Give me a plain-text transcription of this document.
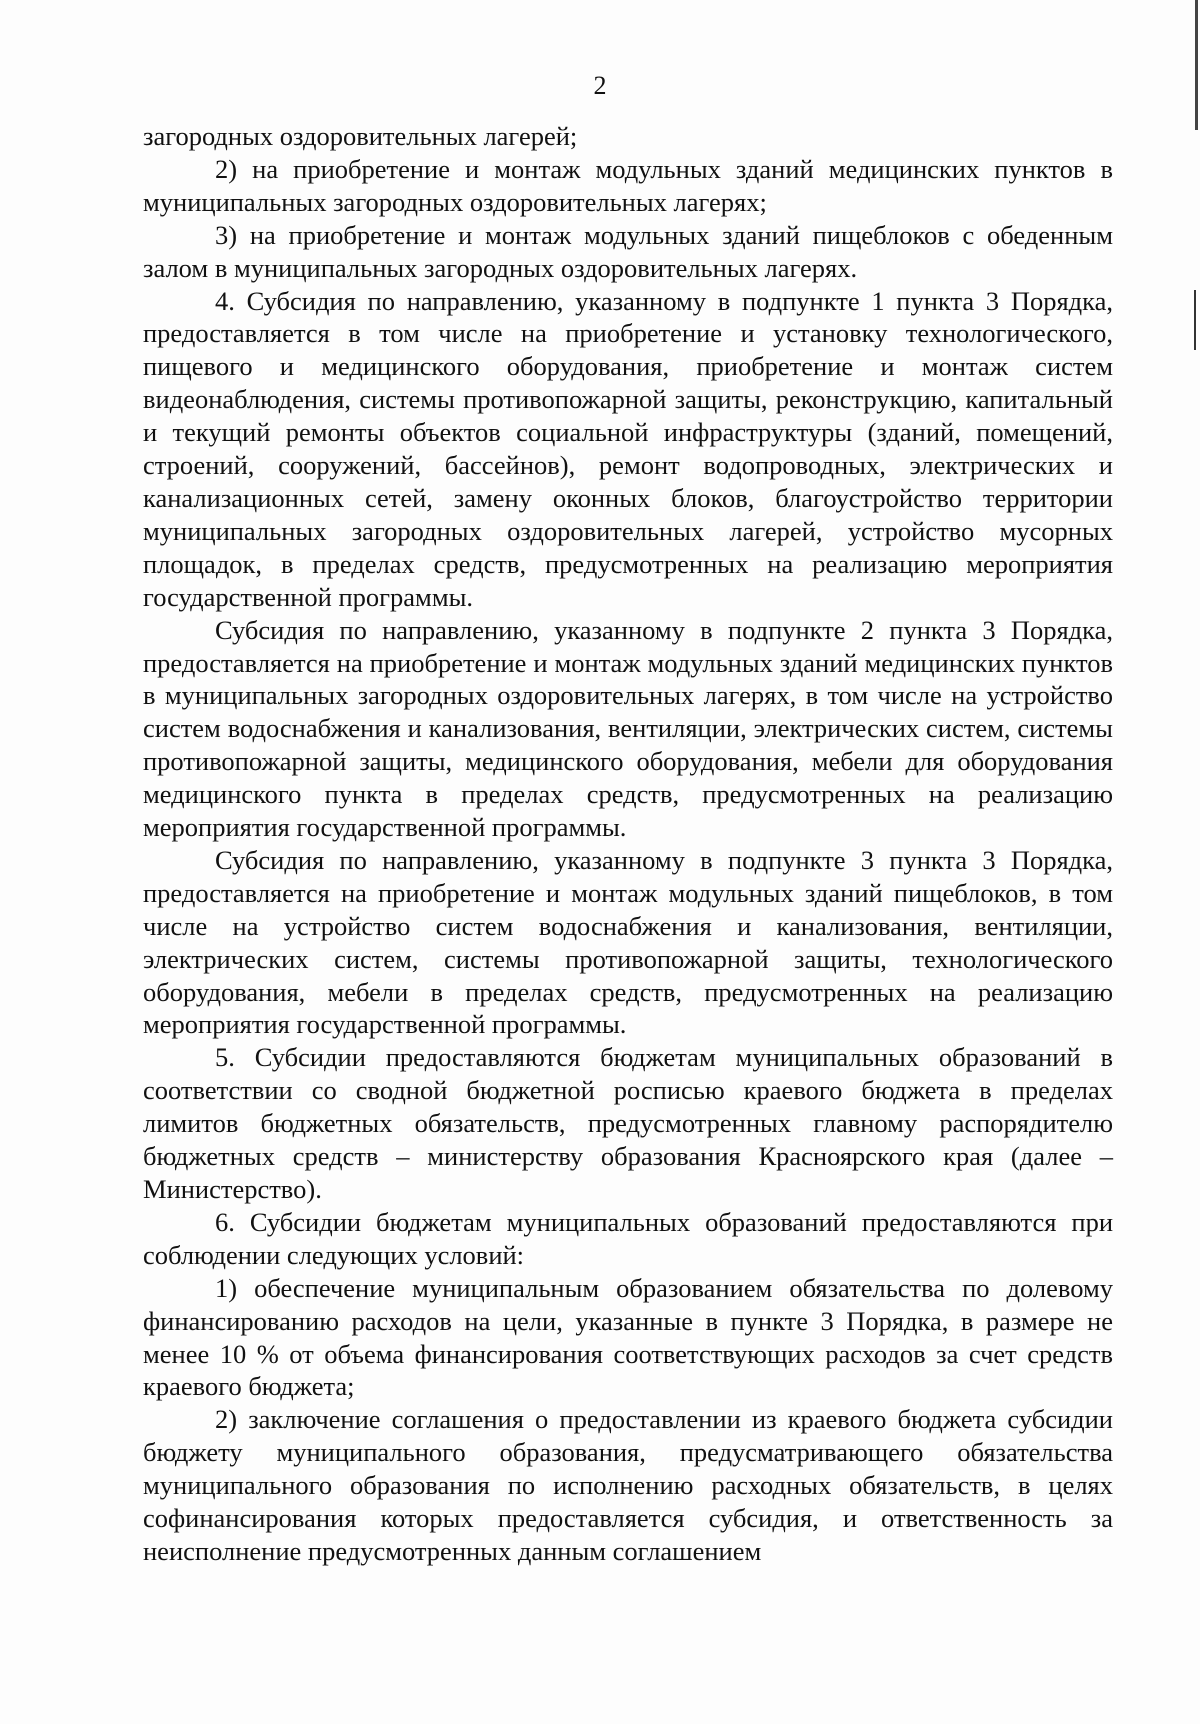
2

загородных оздоровительных лагерей;

2) на приобретение и монтаж модульных зданий медицинских пунктов в муниципальных загородных оздоровительных лагерях;

3) на приобретение и монтаж модульных зданий пищеблоков с обеденным залом в муниципальных загородных оздоровительных лагерях.

4. Субсидия по направлению, указанному в подпункте 1 пункта 3 Порядка, предоставляется в том числе на приобретение и установку технологического, пищевого и медицинского оборудования, приобретение и монтаж систем видеонаблюдения, системы противопожарной защиты, реконструкцию, капитальный и текущий ремонты объектов социальной инфраструктуры (зданий, помещений, строений, сооружений, бассейнов), ремонт водопроводных, электрических и канализационных сетей, замену оконных блоков, благоустройство территории муниципальных загородных оздоровительных лагерей, устройство мусорных площадок, в пределах средств, предусмотренных на реализацию мероприятия государственной программы.

Субсидия по направлению, указанному в подпункте 2 пункта 3 Порядка, предоставляется на приобретение и монтаж модульных зданий медицинских пунктов в муниципальных загородных оздоровительных лагерях, в том числе на устройство систем водоснабжения и канализования, вентиляции, электрических систем, системы противопожарной защиты, медицинского оборудования, мебели для оборудования медицинского пункта в пределах средств, предусмотренных на реализацию мероприятия государственной программы.

Субсидия по направлению, указанному в подпункте 3 пункта 3 Порядка, предоставляется на приобретение и монтаж модульных зданий пищеблоков, в том числе на устройство систем водоснабжения и канализования, вентиляции, электрических систем, системы противопожарной защиты, технологического оборудования, мебели в пределах средств, предусмотренных на реализацию мероприятия государственной программы.

5. Субсидии предоставляются бюджетам муниципальных образований в соответствии со сводной бюджетной росписью краевого бюджета в пределах лимитов бюджетных обязательств, предусмотренных главному распорядителю бюджетных средств – министерству образования Красноярского края (далее – Министерство).

6. Субсидии бюджетам муниципальных образований предоставляются при соблюдении следующих условий:

1) обеспечение муниципальным образованием обязательства по долевому финансированию расходов на цели, указанные в пункте 3 Порядка, в размере не менее 10 % от объема финансирования соответствующих расходов за счет средств краевого бюджета;

2) заключение соглашения о предоставлении из краевого бюджета субсидии бюджету муниципального образования, предусматривающего обязательства муниципального образования по исполнению расходных обязательств, в целях софинансирования которых предоставляется субсидия, и ответственность за неисполнение предусмотренных данным соглашением
